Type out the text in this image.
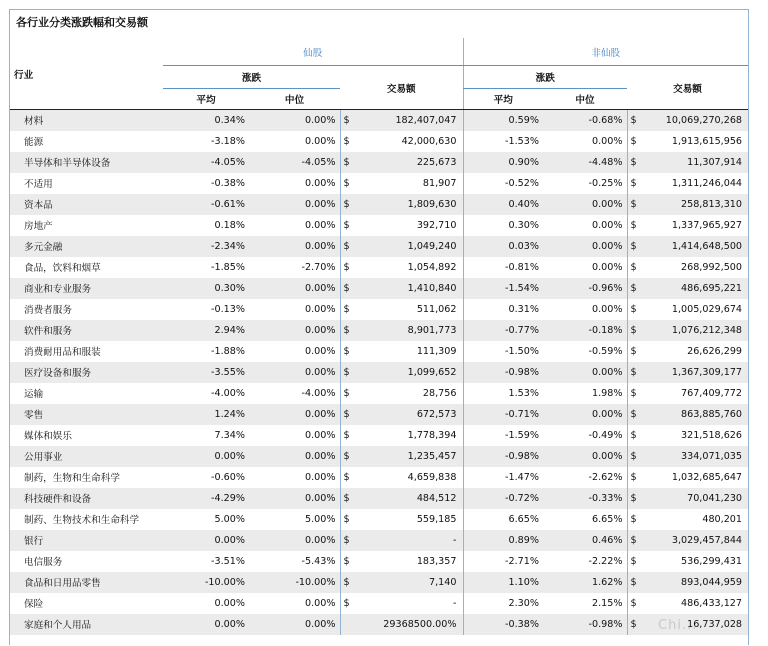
各行业分类涨跌幅和交易额
行业	仙股				非仙股			
	涨跌		交易额		涨跌		交易额	
	平均	中位			平均	中位		
材料	0.34%	0.00%	$	182,407,047	0.59%	-0.68%	$	10,069,270,268
能源	-3.18%	0.00%	$	42,000,630	-1.53%	0.00%	$	1,913,615,956
半导体和半导体设备	-4.05%	-4.05%	$	225,673	0.90%	-4.48%	$	11,307,914
不适用	-0.38%	0.00%	$	81,907	-0.52%	-0.25%	$	1,311,246,044
资本品	-0.61%	0.00%	$	1,809,630	0.40%	0.00%	$	258,813,310
房地产	0.18%	0.00%	$	392,710	0.30%	0.00%	$	1,337,965,927
多元金融	-2.34%	0.00%	$	1,049,240	0.03%	0.00%	$	1,414,648,500
食品，饮料和烟草	-1.85%	-2.70%	$	1,054,892	-0.81%	0.00%	$	268,992,500
商业和专业服务	0.30%	0.00%	$	1,410,840	-1.54%	-0.96%	$	486,695,221
消费者服务	-0.13%	0.00%	$	511,062	0.31%	0.00%	$	1,005,029,674
软件和服务	2.94%	0.00%	$	8,901,773	-0.77%	-0.18%	$	1,076,212,348
消费耐用品和服装	-1.88%	0.00%	$	111,309	-1.50%	-0.59%	$	26,626,299
医疗设备和服务	-3.55%	0.00%	$	1,099,652	-0.98%	0.00%	$	1,367,309,177
运输	-4.00%	-4.00%	$	28,756	1.53%	1.98%	$	767,409,772
零售	1.24%	0.00%	$	672,573	-0.71%	0.00%	$	863,885,760
媒体和娱乐	7.34%	0.00%	$	1,778,394	-1.59%	-0.49%	$	321,518,626
公用事业	0.00%	0.00%	$	1,235,457	-0.98%	0.00%	$	334,071,035
制药，生物和生命科学	-0.60%	0.00%	$	4,659,838	-1.47%	-2.62%	$	1,032,685,647
科技硬件和设备	-4.29%	0.00%	$	484,512	-0.72%	-0.33%	$	70,041,230
制药、生物技术和生命科学	5.00%	5.00%	$	559,185	6.65%	6.65%	$	480,201
银行	0.00%	0.00%	$	-	0.89%	0.46%	$	3,029,457,844
电信服务	-3.51%	-5.43%	$	183,357	-2.71%	-2.22%	$	536,299,431
食品和日用品零售	-10.00%	-10.00%	$	7,140	1.10%	1.62%	$	893,044,959
保险	0.00%	0.00%	$	-	2.30%	2.15%	$	486,433,127
家庭和个人用品	0.00%	0.00%		29368500.00%	-0.38%	-0.98%	$	16,737,028
Chi...
